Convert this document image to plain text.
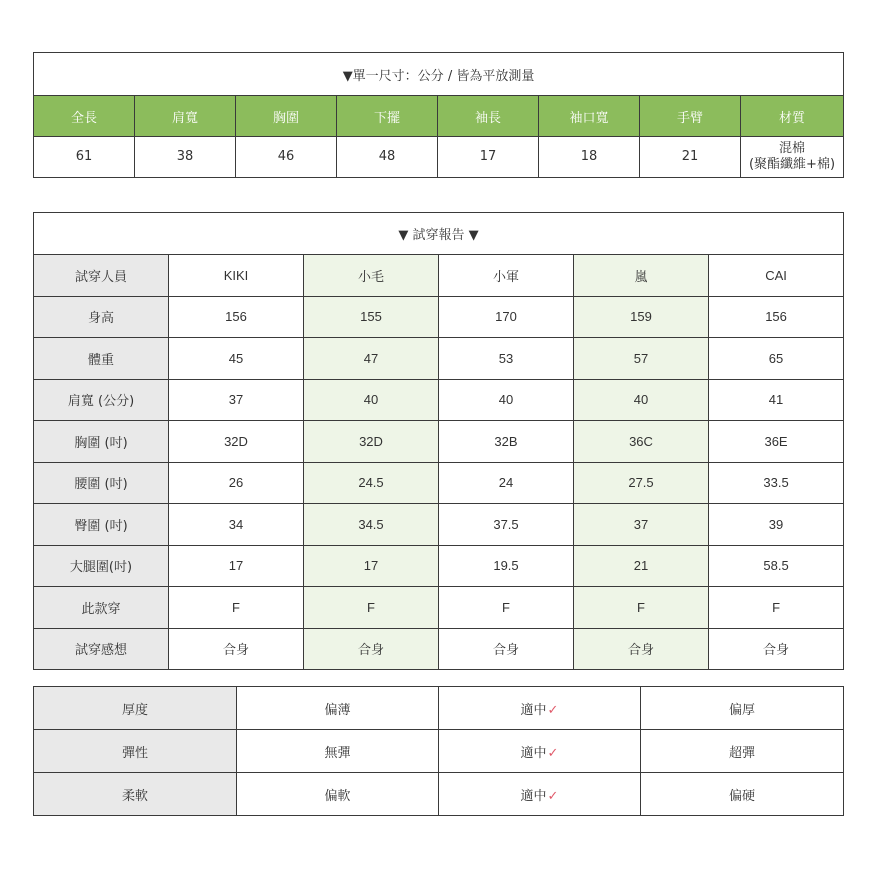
▼單一尺寸：公分 / 皆為平放測量							
全長	肩寬	胸圍	下擺	袖長	袖口寬	手臂	材質
61	38	46	48	17	18	21	混棉
(聚酯纖維+棉)
▼ 試穿報告 ▼					
試穿人員	KIKI	小毛	小軍	嵐	CAI
身高	156	155	170	159	156
體重	45	47	53	57	65
肩寬 (公分)	37	40	40	40	41
胸圍 (吋)	32D	32D	32B	36C	36E
腰圍 (吋)	26	24.5	24	27.5	33.5
臀圍 (吋)	34	34.5	37.5	37	39
大腿圍(吋)	17	17	19.5	21	58.5
此款穿	F	F	F	F	F
試穿感想	合身	合身	合身	合身	合身
厚度	偏薄	適中✓	偏厚
彈性	無彈	適中✓	超彈
柔軟	偏軟	適中✓	偏硬
